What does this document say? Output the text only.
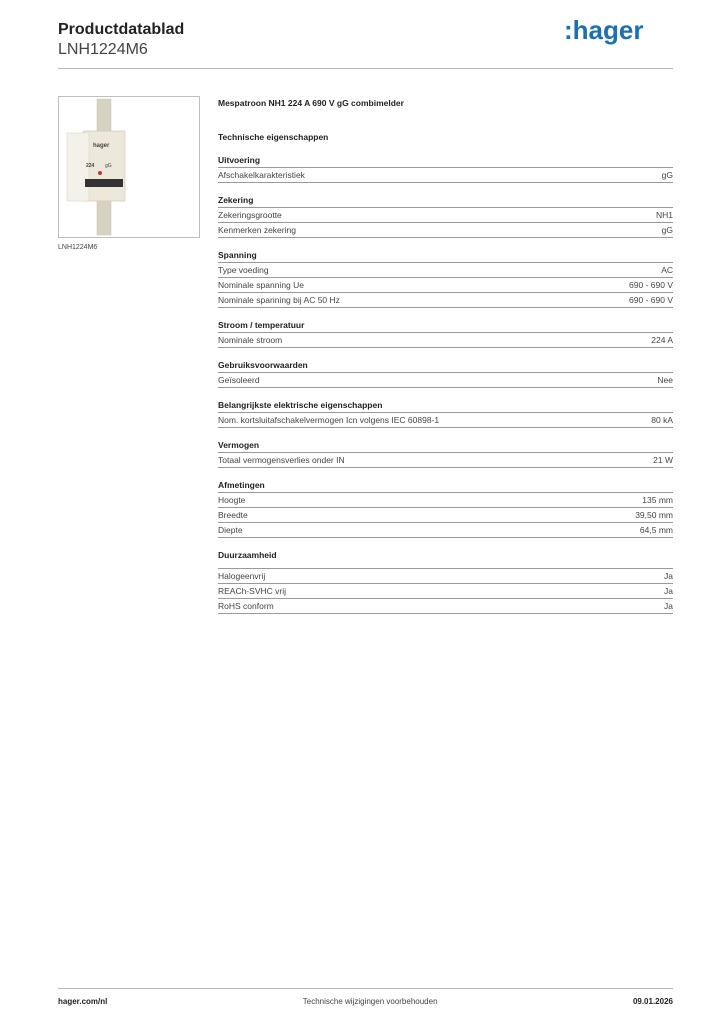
Productdatablad
LNH1224M6
:hager
hager
224 gG
LNH1224M6
Mespatroon NH1 224 A 690 V gG combimelder
Technische eigenschappen
Uitvoering
Afschakelkarakteristiek	gG
Zekering
Zekeringsgrootte	NH1
Kenmerken zekering	gG
Spanning
Type voeding	AC
Nominale spanning Ue	690 - 690 V
Nominale spanning bij AC 50 Hz	690 - 690 V
Stroom / temperatuur
Nominale stroom	224 A
Gebruiksvoorwaarden
Geïsoleerd	Nee
Belangrijkste elektrische eigenschappen
Nom. kortsluitafschakelvermogen Icn volgens IEC 60898-1	80 kA
Vermogen
Totaal vermogensverlies onder IN	21 W
Afmetingen
Hoogte	135 mm
Breedte	39,50 mm
Diepte	64,5 mm
Duurzaamheid
Halogeenvrij	Ja
REACh-SVHC vrij	Ja
RoHS conform	Ja
hager.com/nl	Technische wijzigingen voorbehouden	09.01.2026
